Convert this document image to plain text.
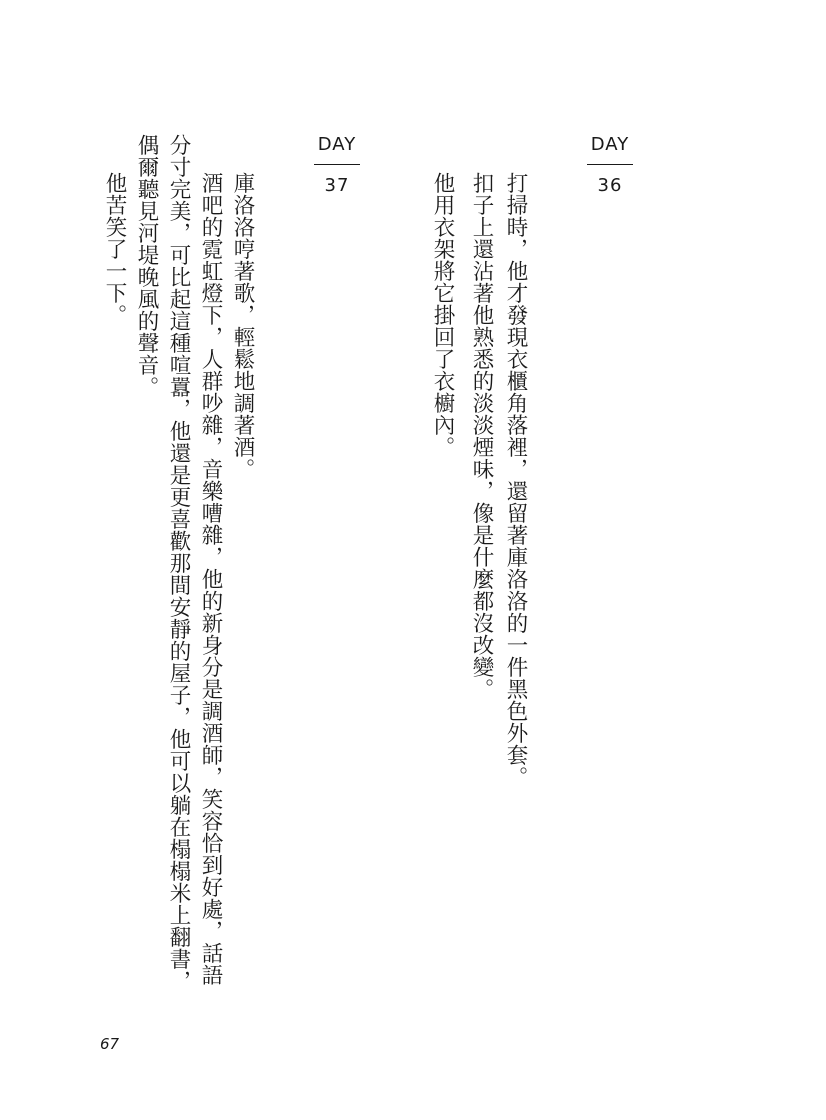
DAY
36
打掃時，他才發現衣櫃角落裡，還留著庫洛洛的一件黑色外套。
扣子上還沾著他熟悉的淡淡煙味，像是什麼都沒改變。
他用衣架將它掛回了衣櫥內。
DAY
37
庫洛洛哼著歌，輕鬆地調著酒。
酒吧的霓虹燈下，人群吵雜，音樂嘈雜，他的新身分是調酒師，笑容恰到好處，話語
分寸完美，可比起這種喧囂，他還是更喜歡那間安靜的屋子，他可以躺在榻榻米上翻書，
偶爾聽見河堤晚風的聲音。
他苦笑了一下。
67
